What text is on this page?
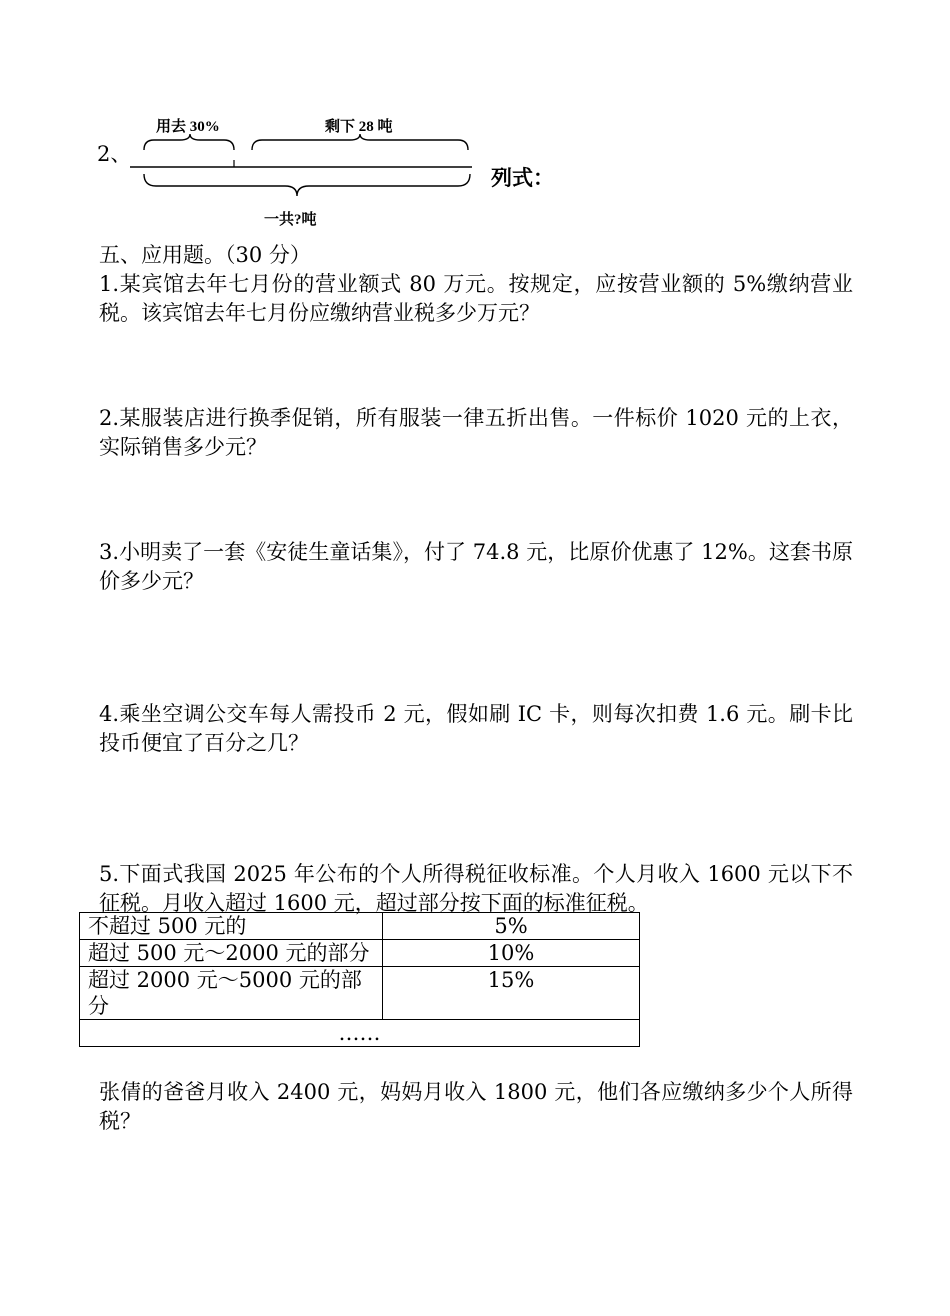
2、
用去 30%	剩下 28 吨
一共?吨
列式：
五、应用题。（30 分）
1.某宾馆去年七月份的营业额式 80 万元。按规定，应按营业额的 5%缴纳营业税。该宾馆去年七月份应缴纳营业税多少万元？
2.某服装店进行换季促销，所有服装一律五折出售。一件标价 1020 元的上衣，实际销售多少元？
3.小明卖了一套《安徒生童话集》，付了 74.8 元，比原价优惠了 12%。这套书原价多少元？
4.乘坐空调公交车每人需投币 2 元，假如刷 IC 卡，则每次扣费 1.6 元。刷卡比投币便宜了百分之几？
5.下面式我国 2025 年公布的个人所得税征收标准。个人月收入 1600 元以下不征税。月收入超过 1600 元，超过部分按下面的标准征税。
不超过 500 元的	5%
超过 500 元～2000 元的部分	10%
超过 2000 元～5000 元的部分	15%
……	
张倩的爸爸月收入 2400 元，妈妈月收入 1800 元，他们各应缴纳多少个人所得税？
